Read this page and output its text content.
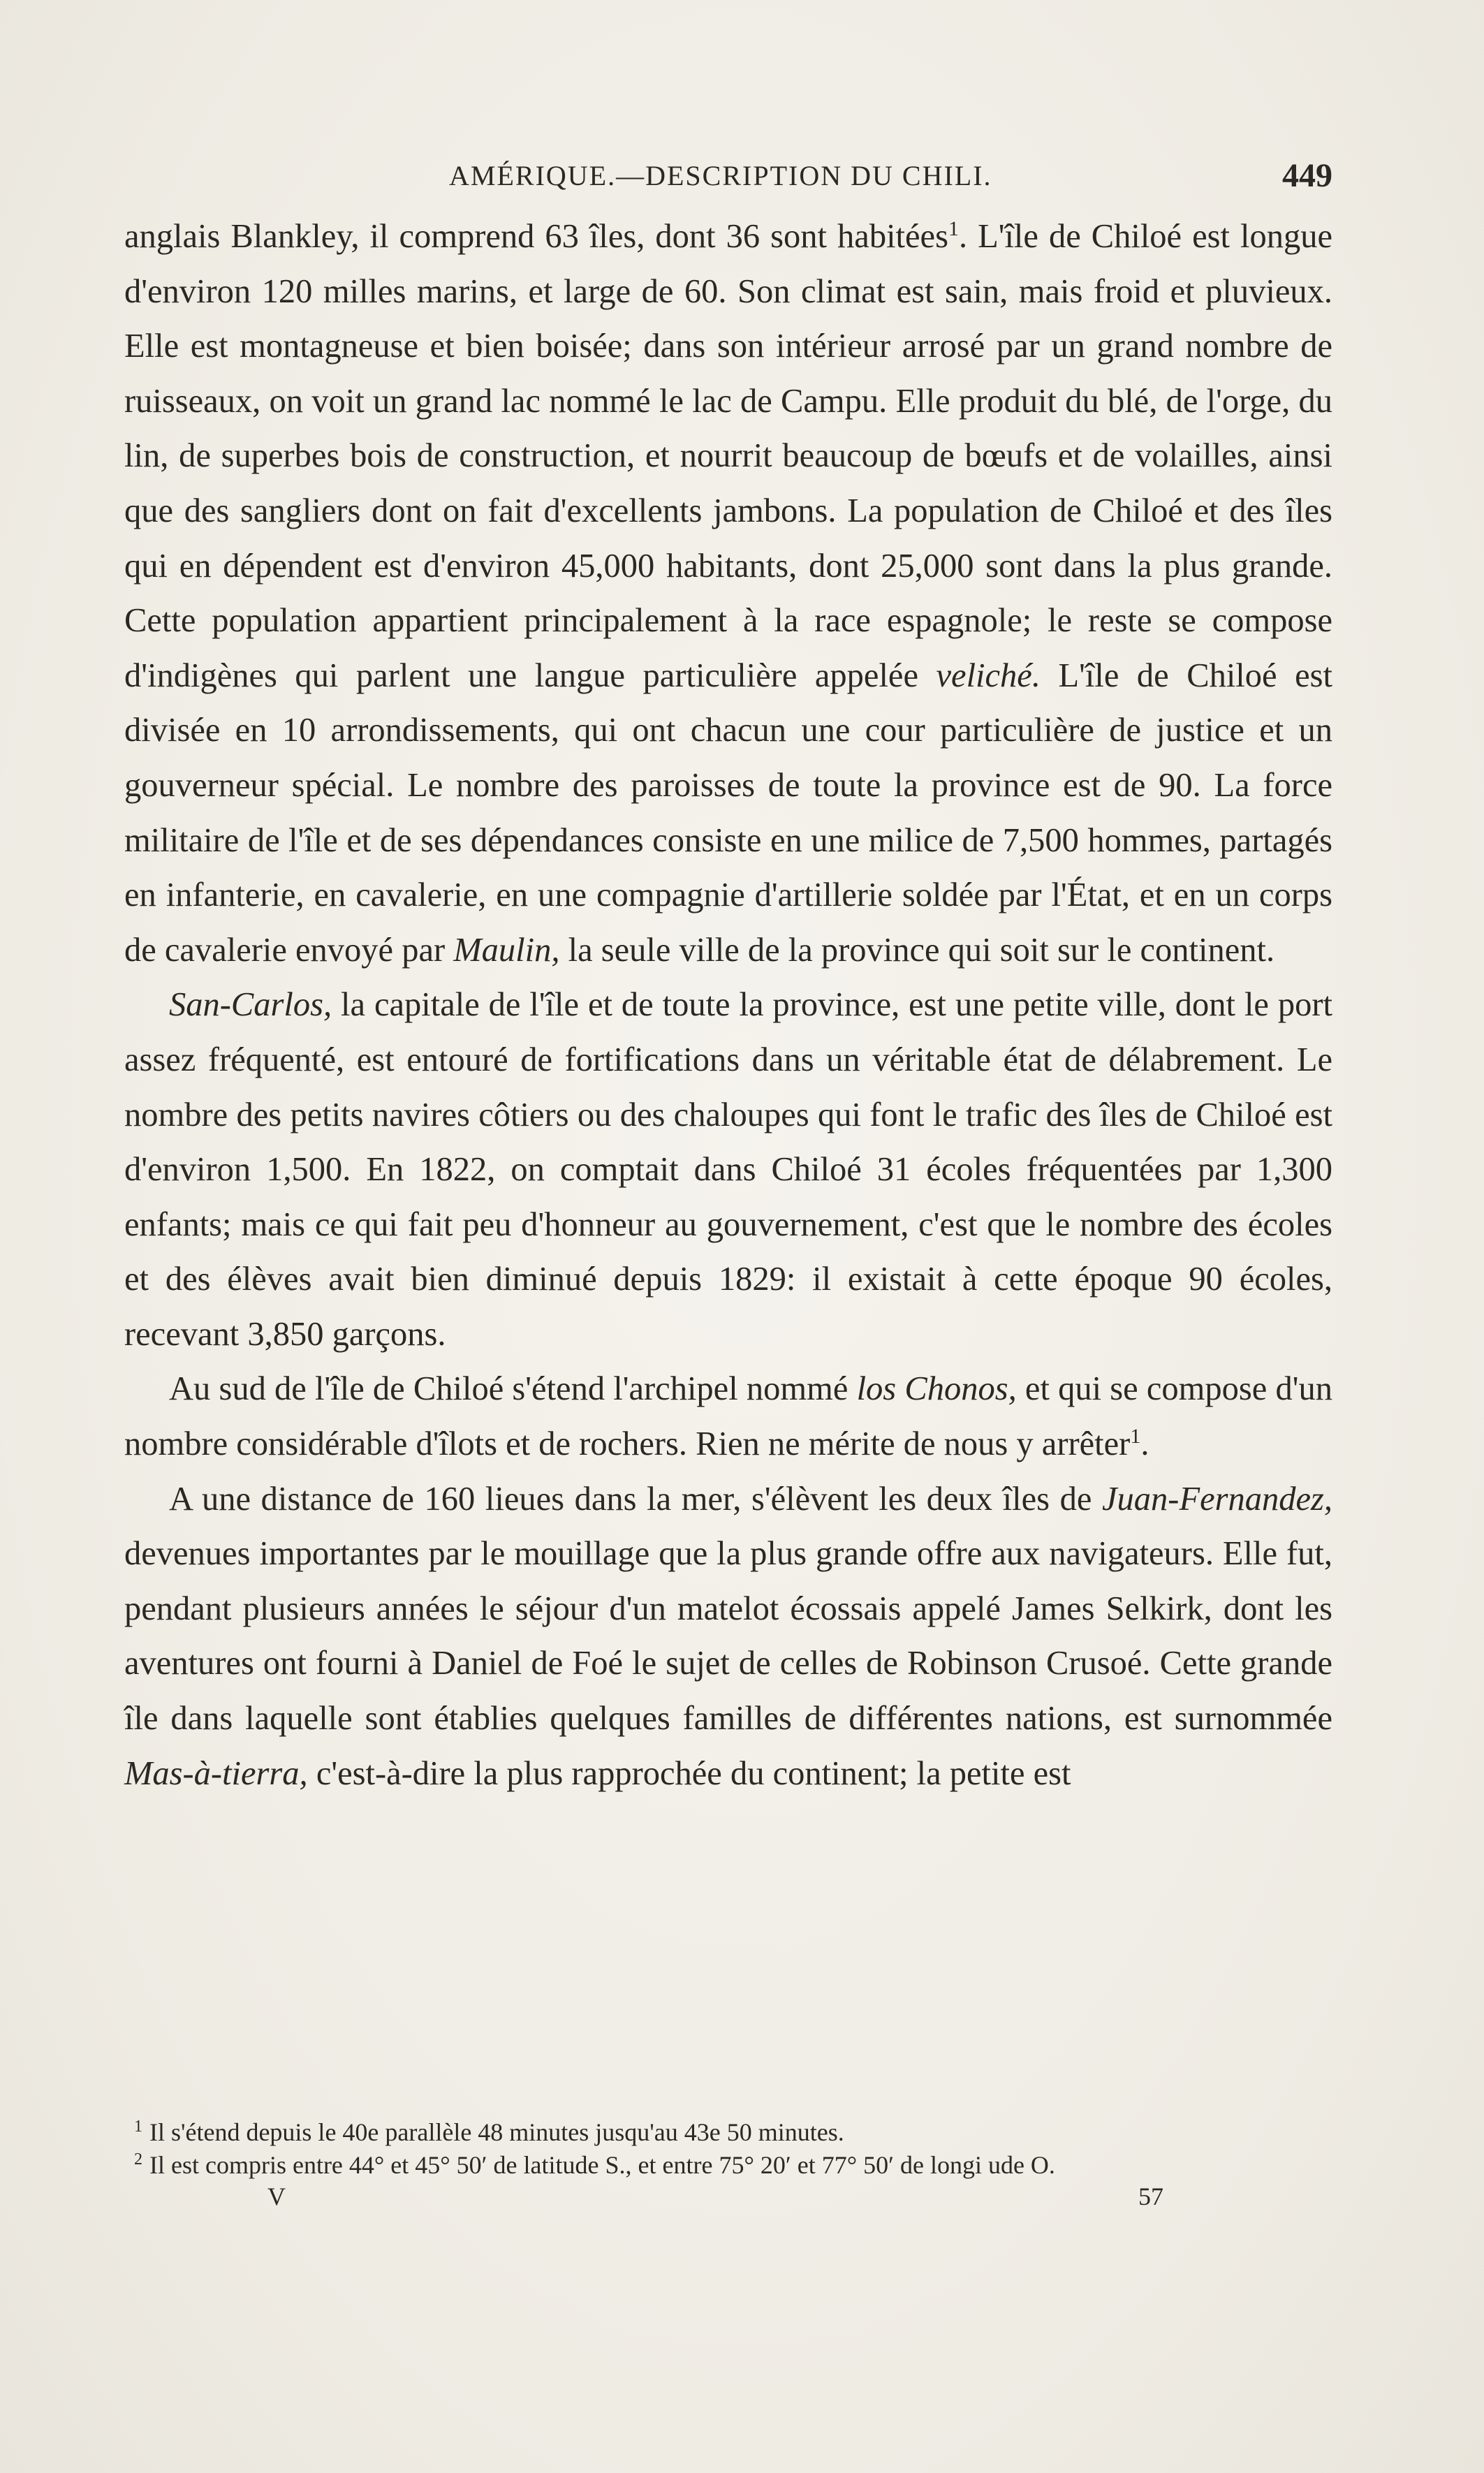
AMÉRIQUE.—DESCRIPTION DU CHILI.	449

anglais Blankley, il comprend 63 îles, dont 36 sont habitées$^1$. L'île de Chiloé est longue d'environ 120 milles marins, et large de 60. Son climat est sain, mais froid et pluvieux. Elle est montagneuse et bien boisée; dans son intérieur arrosé par un grand nombre de ruisseaux, on voit un grand lac nommé le lac de Campu. Elle produit du blé, de l'orge, du lin, de superbes bois de construction, et nourrit beaucoup de bœufs et de volailles, ainsi que des sangliers dont on fait d'excellents jambons. La population de Chiloé et des îles qui en dépendent est d'environ 45,000 habitants, dont 25,000 sont dans la plus grande. Cette population appartient principalement à la race espagnole; le reste se compose d'indigènes qui parlent une langue particulière appelée veliché. L'île de Chiloé est divisée en 10 arrondissements, qui ont chacun une cour particulière de justice et un gouverneur spécial. Le nombre des paroisses de toute la province est de 90. La force militaire de l'île et de ses dépendances consiste en une milice de 7,500 hommes, partagés en infanterie, en cavalerie, en une compagnie d'artillerie soldée par l'État, et en un corps de cavalerie envoyé par Maulin, la seule ville de la province qui soit sur le continent.

San-Carlos, la capitale de l'île et de toute la province, est une petite ville, dont le port assez fréquenté, est entouré de fortifications dans un véritable état de délabrement. Le nombre des petits navires côtiers ou des chaloupes qui font le trafic des îles de Chiloé est d'environ 1,500. En 1822, on comptait dans Chiloé 31 écoles fréquentées par 1,300 enfants; mais ce qui fait peu d'honneur au gouvernement, c'est que le nombre des écoles et des élèves avait bien diminué depuis 1829: il existait à cette époque 90 écoles, recevant 3,850 garçons.

Au sud de l'île de Chiloé s'étend l'archipel nommé los Chonos, et qui se compose d'un nombre considérable d'îlots et de rochers. Rien ne mérite de nous y arrêter$^1$.

A une distance de 160 lieues dans la mer, s'élèvent les deux îles de Juan-Fernandez, devenues importantes par le mouillage que la plus grande offre aux navigateurs. Elle fut, pendant plusieurs années le séjour d'un matelot écossais appelé James Selkirk, dont les aventures ont fourni à Daniel de Foé le sujet de celles de Robinson Crusoé. Cette grande île dans laquelle sont établies quelques familles de différentes nations, est surnommée Mas-à-tierra, c'est-à-dire la plus rapprochée du continent; la petite est

$^1$ Il s'étend depuis le 40e parallèle 48 minutes jusqu'au 43e 50 minutes.

$^2$ Il est compris entre 44° et 45° 50′ de latitude S., et entre 75° 20′ et 77° 50′ de longi ude O.

V	57
